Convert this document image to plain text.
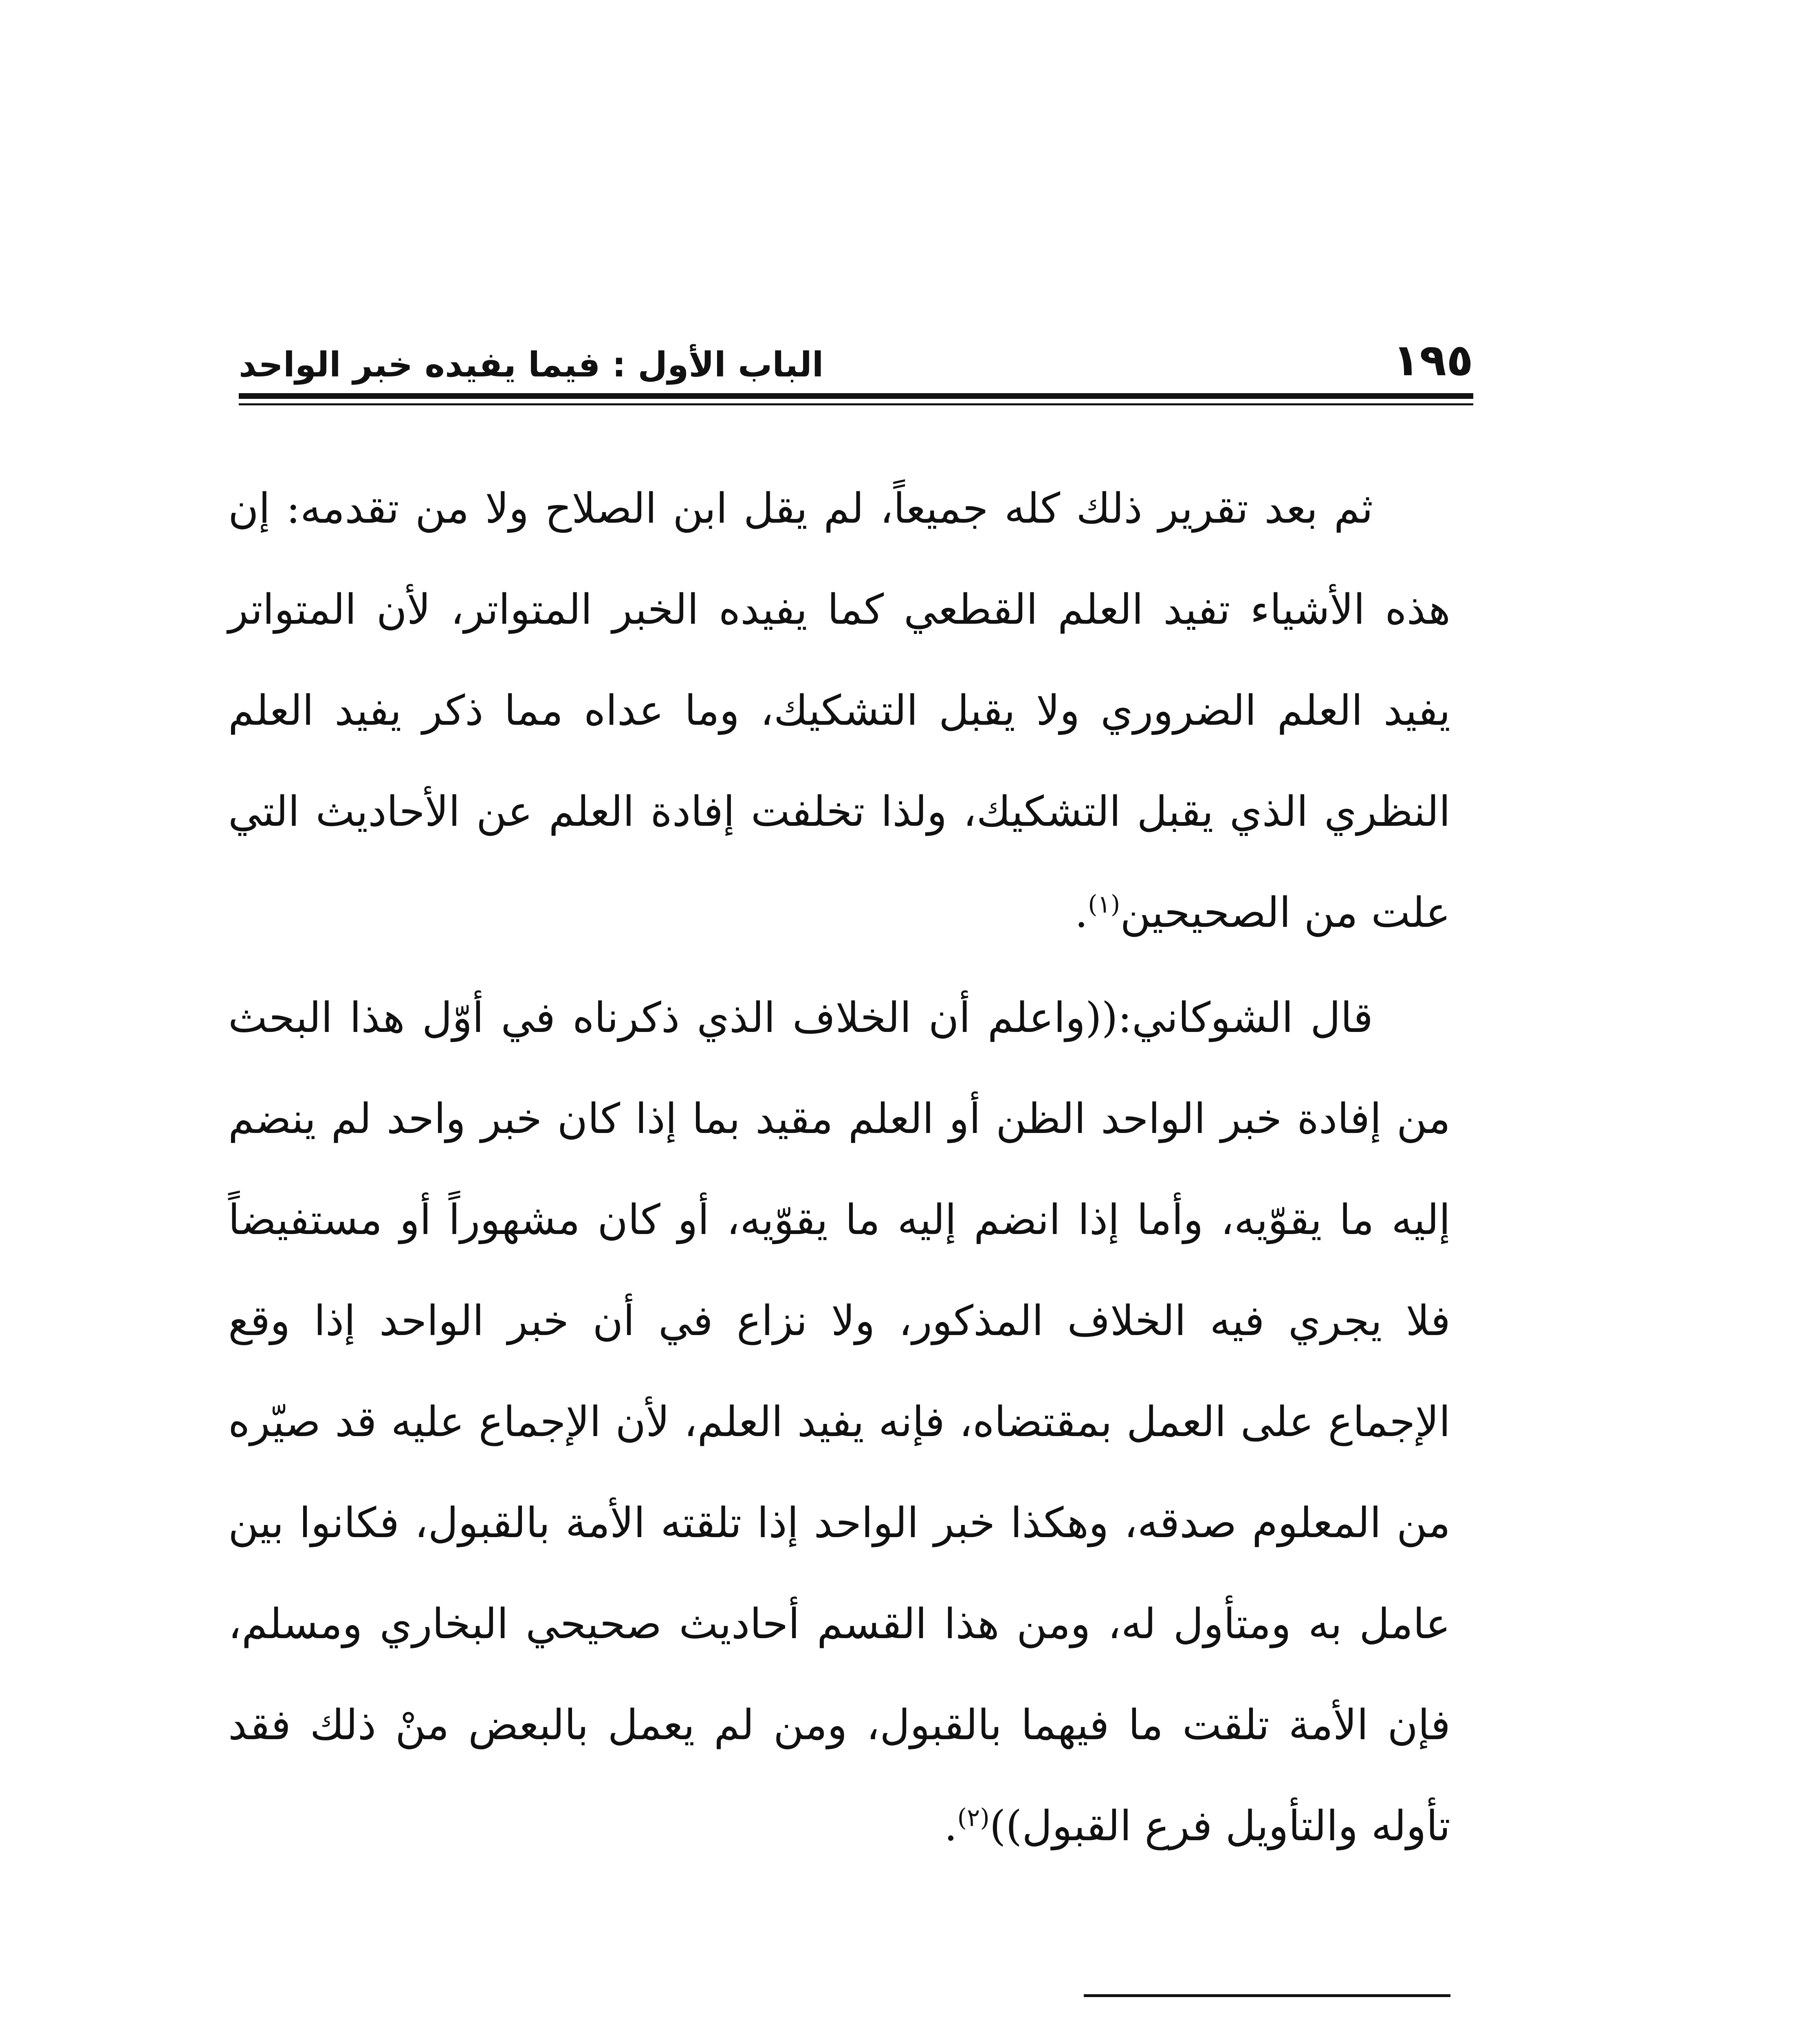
الباب الأول : فيما يفيده خبر الواحد	١٩٥

ثم بعد تقرير ذلك كله جميعاً، لم يقل ابن الصلاح ولا من تقدمه: إن هذه الأشياء تفيد العلم القطعي كما يفيده الخبر المتواتر، لأن المتواتر يفيد العلم الضروري ولا يقبل التشكيك، وما عداه مما ذكر يفيد العلم النظري الذي يقبل التشكيك، ولذا تخلفت إفادة العلم عن الأحاديث التي علت من الصحيحين$^{(١)}$.

قال الشوكاني:((واعلم أن الخلاف الذي ذكرناه في أوّل هذا البحث من إفادة خبر الواحد الظن أو العلم مقيد بما إذا كان خبر واحد لم ينضم إليه ما يقوّيه، وأما إذا انضم إليه ما يقوّيه، أو كان مشهوراً أو مستفيضاً فلا يجري فيه الخلاف المذكور، ولا نزاع في أن خبر الواحد إذا وقع الإجماع على العمل بمقتضاه، فإنه يفيد العلم، لأن الإجماع عليه قد صيّره من المعلوم صدقه، وهكذا خبر الواحد إذا تلقته الأمة بالقبول، فكانوا بين عامل به ومتأول له، ومن هذا القسم أحاديث صحيحي البخاري ومسلم، فإن الأمة تلقت ما فيهما بالقبول، ومن لم يعمل بالبعض منْ ذلك فقد تأوله والتأويل فرع القبول))$^{(٢)}$.
